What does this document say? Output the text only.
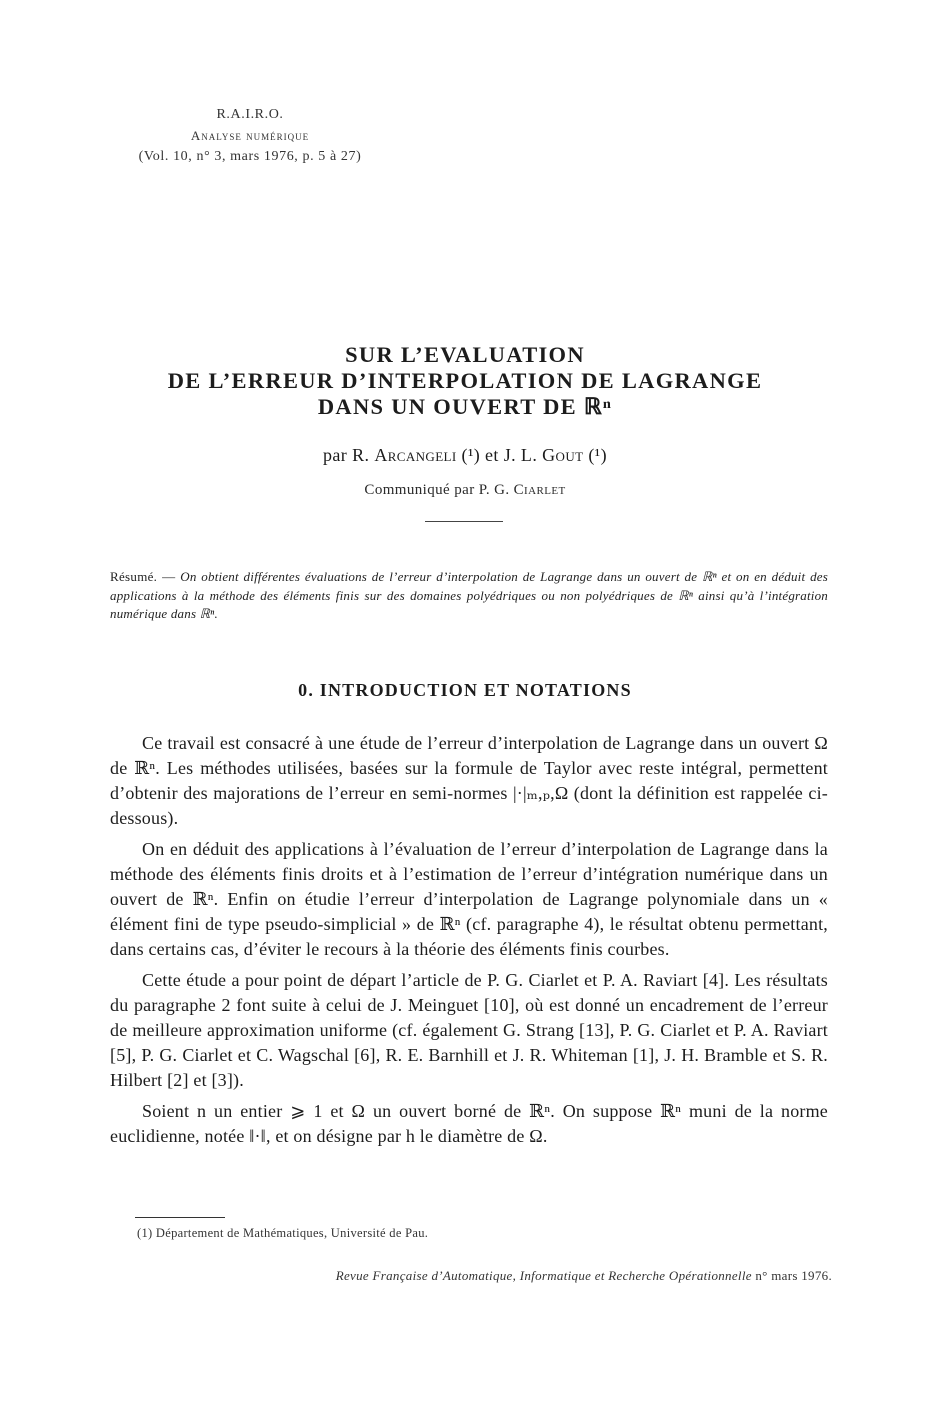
R.A.I.R.O.
Analyse numérique
(Vol. 10, n° 3, mars 1976, p. 5 à 27)
SUR L’EVALUATION
DE L’ERREUR D’INTERPOLATION DE LAGRANGE
DANS UN OUVERT DE ℝⁿ
par R. Arcangeli (¹) et J. L. Gout (¹)
Communiqué par P. G. Ciarlet
Résumé. — On obtient différentes évaluations de l’erreur d’interpolation de Lagrange dans un ouvert de ℝⁿ et on en déduit des applications à la méthode des éléments finis sur des domaines polyédriques ou non polyédriques de ℝⁿ ainsi qu’à l’intégration numérique dans ℝⁿ.
0. INTRODUCTION ET NOTATIONS

Ce travail est consacré à une étude de l’erreur d’interpolation de Lagrange dans un ouvert Ω de ℝⁿ. Les méthodes utilisées, basées sur la formule de Taylor avec reste intégral, permettent d’obtenir des majorations de l’erreur en semi-normes |·|ₘ,ₚ,Ω (dont la définition est rappelée ci-dessous).

On en déduit des applications à l’évaluation de l’erreur d’interpolation de Lagrange dans la méthode des éléments finis droits et à l’estimation de l’erreur d’intégration numérique dans un ouvert de ℝⁿ. Enfin on étudie l’erreur d’interpolation de Lagrange polynomiale dans un « élément fini de type pseudo-simplicial » de ℝⁿ (cf. paragraphe 4), le résultat obtenu permettant, dans certains cas, d’éviter le recours à la théorie des éléments finis courbes.

Cette étude a pour point de départ l’article de P. G. Ciarlet et P. A. Raviart [4]. Les résultats du paragraphe 2 font suite à celui de J. Meinguet [10], où est donné un encadrement de l’erreur de meilleure approximation uniforme (cf. également G. Strang [13], P. G. Ciarlet et P. A. Raviart [5], P. G. Ciarlet et C. Wagschal [6], R. E. Barnhill et J. R. Whiteman [1], J. H. Bramble et S. R. Hilbert [2] et [3]).

Soient n un entier ⩾ 1 et Ω un ouvert borné de ℝⁿ. On suppose ℝⁿ muni de la norme euclidienne, notée ‖·‖, et on désigne par h le diamètre de Ω.

(1) Département de Mathématiques, Université de Pau.
Revue Française d’Automatique, Informatique et Recherche Opérationnelle n° mars 1976.
